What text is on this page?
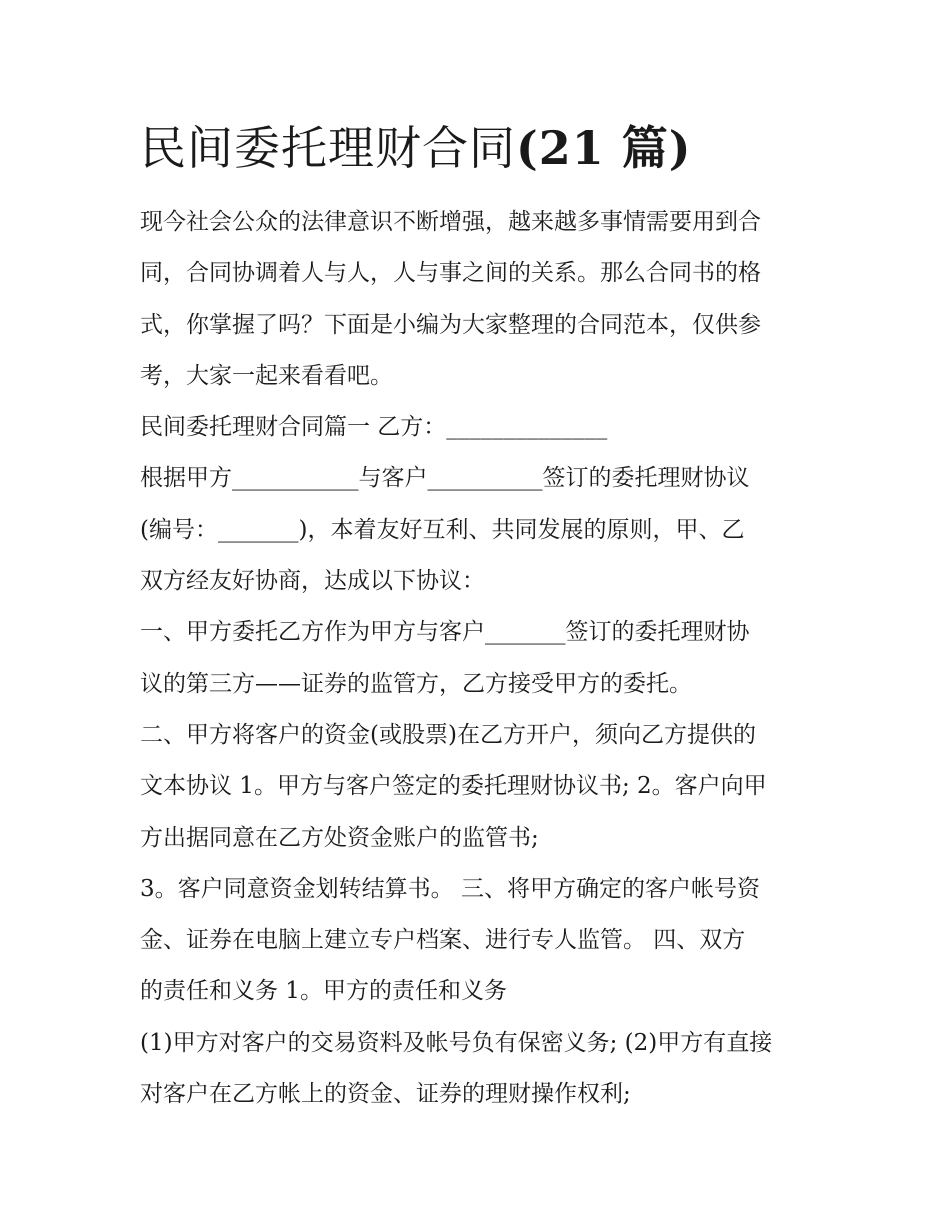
民间委托理财合同(21 篇)
现今社会公众的法律意识不断增强，越来越多事情需要用到合
同，合同协调着人与人，人与事之间的关系。那么合同书的格
式，你掌握了吗？下面是小编为大家整理的合同范本，仅供参
考，大家一起来看看吧。
民间委托理财合同篇一 乙方：______________
根据甲方___________与客户__________签订的委托理财协议
(编号：_______)，本着友好互利、共同发展的原则，甲、乙
双方经友好协商，达成以下协议：
一、甲方委托乙方作为甲方与客户_______签订的委托理财协
议的第三方——证券的监管方，乙方接受甲方的委托。
二、甲方将客户的资金(或股票)在乙方开户，须向乙方提供的
文本协议 1。甲方与客户签定的委托理财协议书; 2。客户向甲
方出据同意在乙方处资金账户的监管书;
3。客户同意资金划转结算书。 三、将甲方确定的客户帐号资
金、证券在电脑上建立专户档案、进行专人监管。 四、双方
的责任和义务 1。甲方的责任和义务
(1)甲方对客户的交易资料及帐号负有保密义务; (2)甲方有直接
对客户在乙方帐上的资金、证券的理财操作权利;
